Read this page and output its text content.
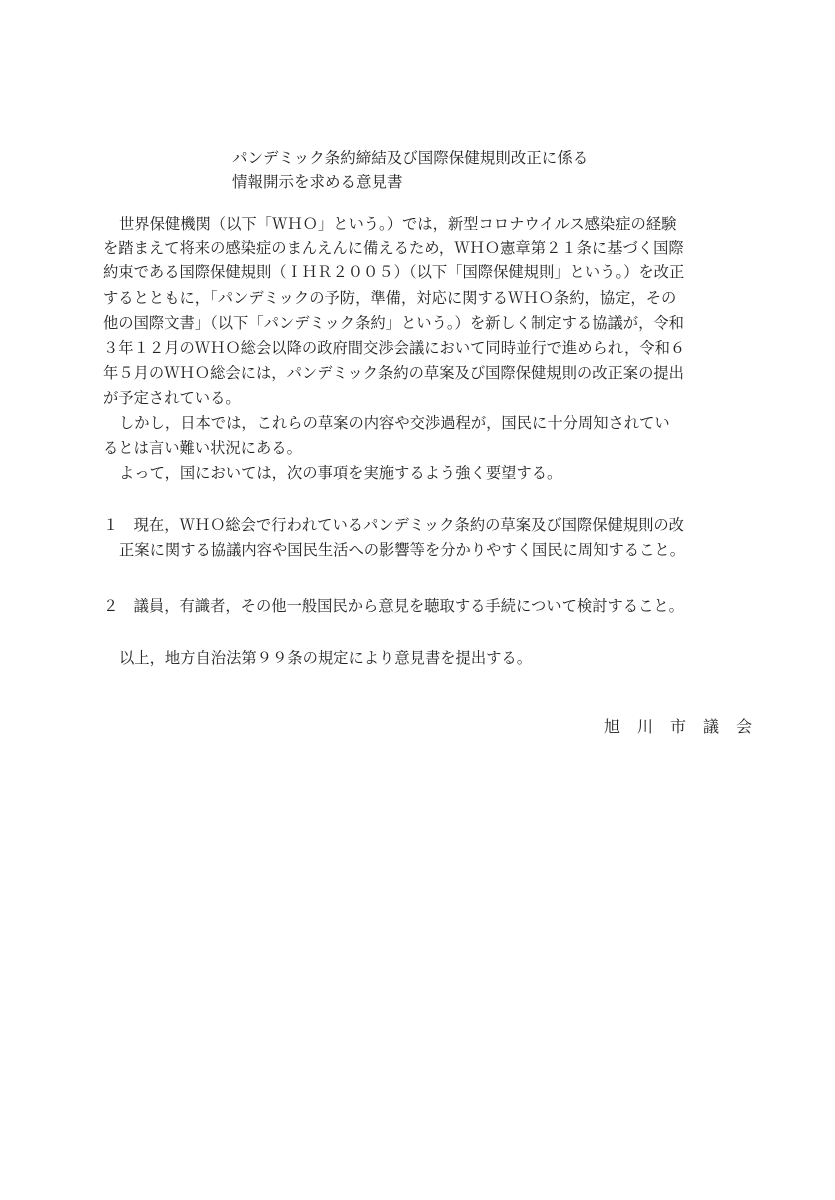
パンデミック条約締結及び国際保健規則改正に係る
情報開示を求める意見書
世界保健機関（以下「ＷＨＯ」という。）では，新型コロナウイルス感染症の経験
を踏まえて将来の感染症のまんえんに備えるため，ＷＨＯ憲章第２１条に基づく国際
約束である国際保健規則（ＩＨＲ２００５）（以下「国際保健規則」という。）を改正
するとともに，「パンデミックの予防，準備，対応に関するＷＨＯ条約，協定，その
他の国際文書」（以下「パンデミック条約」という。）を新しく制定する協議が，令和
３年１２月のＷＨＯ総会以降の政府間交渉会議において同時並行で進められ，令和６
年５月のＷＨＯ総会には，パンデミック条約の草案及び国際保健規則の改正案の提出
が予定されている。
しかし，日本では，これらの草案の内容や交渉過程が，国民に十分周知されてい
るとは言い難い状況にある。
よって，国においては，次の事項を実施するよう強く要望する。
１　現在，ＷＨＯ総会で行われているパンデミック条約の草案及び国際保健規則の改
正案に関する協議内容や国民生活への影響等を分かりやすく国民に周知すること。
２　議員，有識者，その他一般国民から意見を聴取する手続について検討すること。
以上，地方自治法第９９条の規定により意見書を提出する。
旭川市議会
